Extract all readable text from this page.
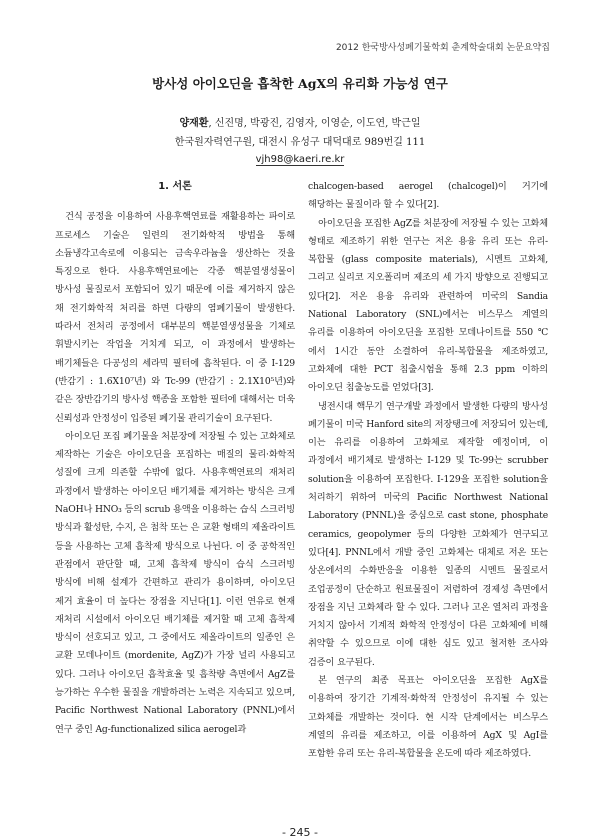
2012 한국방사성폐기물학회 춘계학술대회 논문요약집
방사성 아이오딘을 흡착한 AgX의 유리화 가능성 연구
양재환, 신진명, 박광진, 김영자, 이영순, 이도연, 박근일
한국원자력연구원, 대전시 유성구 대덕대로 989번길 111
vjh98@kaeri.re.kr

1. 서론

건식 공정을 이용하여 사용후핵연료를 재활용하는 파이로 프로세스 기술은 일련의 전기화학적 방법을 통해 소듐냉각고속로에 이용되는 금속우라늄을 생산하는 것을 특징으로 한다. 사용후핵연료에는 각종 핵분열생성물이 방사성 물질로서 포함되어 있기 때문에 이를 제거하지 않은 채 전기화학적 처리를 하면 다량의 염폐기물이 발생한다. 따라서 전처리 공정에서 대부분의 핵분열생성물을 기체로 휘발시키는 작업을 거치게 되고, 이 과정에서 발생하는 배기체들은 다공성의 세라믹 필터에 흡착된다. 이 중 I-129 (반감기 : 1.6X10⁷년) 와 Tc-99 (반감기 : 2.1X10⁵년)와 같은 장반감기의 방사성 핵종을 포함한 필터에 대해서는 더욱 신뢰성과 안정성이 입증된 폐기물 관리기술이 요구된다.

아이오딘 포집 폐기물을 처분장에 저장될 수 있는 고화체로 제작하는 기술은 아이오딘을 포집하는 매질의 물리·화학적 성질에 크게 의존할 수밖에 없다. 사용후핵연료의 재처리 과정에서 발생하는 아이오딘 배기체를 제거하는 방식은 크게 NaOH나 HNO₃ 등의 scrub 용액을 이용하는 습식 스크러빙 방식과 활성탄, 수지, 은 첨착 또는 은 교환 형태의 제올라이트 등을 사용하는 고체 흡착제 방식으로 나뉜다. 이 중 공학적인 관점에서 판단할 때, 고체 흡착제 방식이 습식 스크러빙 방식에 비해 설계가 간편하고 관리가 용이하며, 아이오딘 제거 효율이 더 높다는 장점을 지닌다[1]. 이런 연유로 현재 재처리 시설에서 아이오딘 배기체를 제거할 때 고체 흡착제 방식이 선호되고 있고, 그 중에서도 제올라이트의 일종인 은 교환 모데나이트 (mordenite, AgZ)가 가장 널리 사용되고 있다. 그러나 아이오딘 흡착효율 및 흡착량 측면에서 AgZ를 능가하는 우수한 물질을 개발하려는 노력은 지속되고 있으며, Pacific Northwest National Laboratory (PNNL)에서 연구 중인 Ag-functionalized silica aerogel과

chalcogen-based aerogel (chalcogel)이 거기에 해당하는 물질이라 할 수 있다[2].

아이오딘을 포집한 AgZ를 처분장에 저장될 수 있는 고화체 형태로 제조하기 위한 연구는 저온 용융 유리 또는 유리-복합물 (glass composite materials), 시멘트 고화체, 그리고 실리코 지오폴리머 제조의 세 가지 방향으로 진행되고 있다[2]. 저온 용융 유리와 관련하여 미국의 Sandia National Laboratory (SNL)에서는 비스무스 계열의 유리를 이용하여 아이오딘을 포집한 모데나이트를 550 ℃에서 1시간 동안 소결하여 유리-복합물을 제조하였고, 고화체에 대한 PCT 침출시험을 통해 2.3 ppm 이하의 아이오딘 침출농도를 얻었다[3].

냉전시대 핵무기 연구개발 과정에서 발생한 다량의 방사성 폐기물이 미국 Hanford site의 저장탱크에 저장되어 있는데, 이는 유리를 이용하여 고화체로 제작할 예정이며, 이 과정에서 배기체로 발생하는 I-129 및 Tc-99는 scrubber solution을 이용하여 포집한다. I-129을 포집한 solution을 처리하기 위하여 미국의 Pacific Northwest National Laboratory (PNNL)을 중심으로 cast stone, phosphate ceramics, geopolymer 등의 다양한 고화체가 연구되고 있다[4]. PNNL에서 개발 중인 고화체는 대체로 저온 또는 상온에서의 수화반응을 이용한 일종의 시멘트 물질로서 조업공정이 단순하고 원료물질이 저렴하여 경제성 측면에서 장점을 지닌 고화체라 할 수 있다. 그러나 고온 열처리 과정을 거치지 않아서 기계적 화학적 안정성이 다른 고화체에 비해 취약할 수 있으므로 이에 대한 심도 있고 철저한 조사와 검증이 요구된다.

본 연구의 최종 목표는 아이오딘을 포집한 AgX를 이용하여 장기간 기계적·화학적 안정성이 유지될 수 있는 고화체를 개발하는 것이다. 현 시작 단계에서는 비스무스 계열의 유리를 제조하고, 이를 이용하여 AgX 및 AgI를 포함한 유리 또는 유리-복합물을 온도에 따라 제조하였다.

- 245 -
